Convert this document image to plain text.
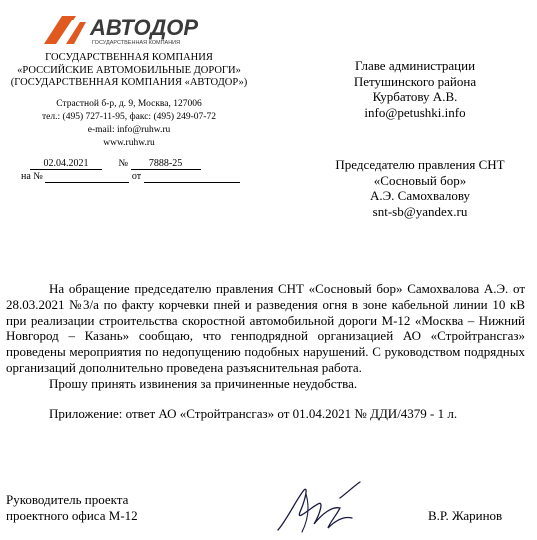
АВТОДОР
ГОСУДАРСТВЕННАЯ КОМПАНИЯ
ГОСУДАРСТВЕННАЯ КОМПАНИЯ
«РОССИЙСКИЕ АВТОМОБИЛЬНЫЕ ДОРОГИ»
(ГОСУДАРСТВЕННАЯ КОМПАНИЯ «АВТОДОР»)
Страстной б-р, д. 9, Москва, 127006
тел.: (495) 727-11-95, факс: (495) 249-07-72
e-mail: info@ruhw.ru
www.ruhw.ru
02.04.2021	№ 7888-25
на №	от
Главе администрации
Петушинского района
Курбатову А.В.
info@petushki.info
Председателю правления СНТ
«Сосновый бор»
А.Э. Самохвалову
snt-sb@yandex.ru

На обращение председателю правления СНТ «Сосновый бор» Самохвалова А.Э. от 28.03.2021 №3/а по факту корчевки пней и разведения огня в зоне кабельной линии 10 кВ при реализации строительства скоростной автомобильной дороги М-12 «Москва – Нижний Новгород – Казань» сообщаю, что генподрядной организацией АО «Стройтрансгаз» проведены мероприятия по недопущению подобных нарушений. С руководством подрядных организаций дополнительно проведена разъяснительная работа.

Прошу принять извинения за причиненные неудобства.

Приложение: ответ АО «Стройтрансгаз» от 01.04.2021 № ДДИ/4379 - 1 л.

Руководитель проекта
проектного офиса М-12	В.Р. Жаринов
